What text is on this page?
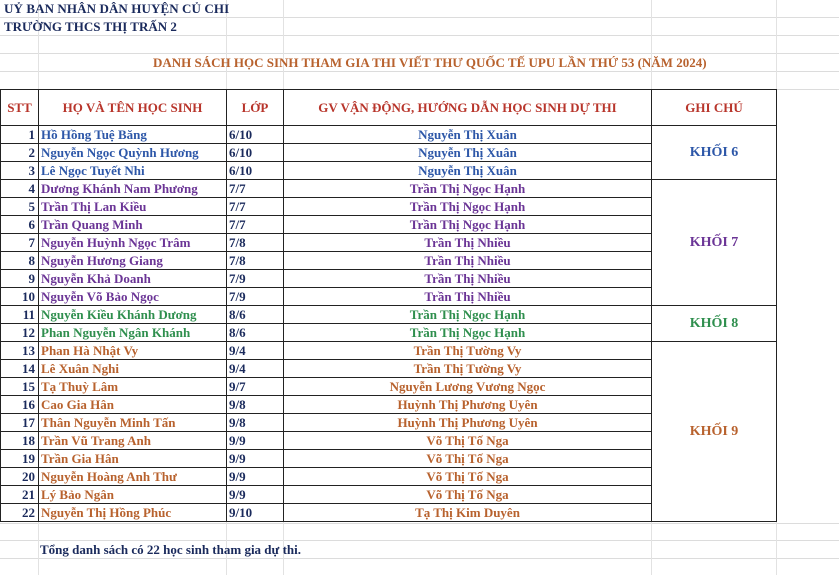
UỶ BAN NHÂN DÂN HUYỆN CỦ CHI
TRƯỜNG THCS THỊ TRẤN 2
DANH SÁCH HỌC SINH THAM GIA THI VIẾT THƯ QUỐC TẾ UPU LẦN THỨ 53 (NĂM 2024)
STT	HỌ VÀ TÊN HỌC SINH	LỚP	GV VẬN ĐỘNG, HƯỚNG DẪN HỌC SINH DỰ THI	GHI CHÚ
1	Hồ Hồng Tuệ Băng	6/10	Nguyễn Thị Xuân	KHỐI 6
2	Nguyễn Ngọc Quỳnh Hương	6/10	Nguyễn Thị Xuân	
3	Lê Ngọc Tuyết Nhi	6/10	Nguyễn Thị Xuân	
4	Dương Khánh Nam Phương	7/7	Trần Thị Ngọc Hạnh	KHỐI 7
5	Trần Thị Lan Kiều	7/7	Trần Thị Ngọc Hạnh	
6	Trần Quang Minh	7/7	Trần Thị Ngọc Hạnh	
7	Nguyễn Huỳnh Ngọc Trâm	7/8	Trần Thị Nhiều	
8	Nguyễn Hương Giang	7/8	Trần Thị Nhiều	
9	Nguyễn Khả Doanh	7/9	Trần Thị Nhiều	
10	Nguyễn Võ Bảo Ngọc	7/9	Trần Thị Nhiều	
11	Nguyễn Kiều Khánh Dương	8/6	Trần Thị Ngọc Hạnh	KHỐI 8
12	Phan Nguyễn Ngân Khánh	8/6	Trần Thị Ngọc Hạnh	
13	Phan Hà Nhật Vy	9/4	Trần Thị Tường Vy	KHỐI 9
14	Lê Xuân Nghi	9/4	Trần Thị Tường Vy	
15	Tạ Thuỳ Lâm	9/7	Nguyễn Lương Vương Ngọc	
16	Cao Gia Hân	9/8	Huỳnh Thị Phương Uyên	
17	Thân Nguyễn Minh Tấn	9/8	Huỳnh Thị Phương Uyên	
18	Trần Vũ Trang Anh	9/9	Võ Thị Tố Nga	
19	Trần Gia Hân	9/9	Võ Thị Tố Nga	
20	Nguyễn Hoàng Anh Thư	9/9	Võ Thị Tố Nga	
21	Lý Bảo Ngân	9/9	Võ Thị Tố Nga	
22	Nguyễn Thị Hồng Phúc	9/10	Tạ Thị Kim Duyên	
Tổng danh sách có 22 học sinh tham gia dự thi.
